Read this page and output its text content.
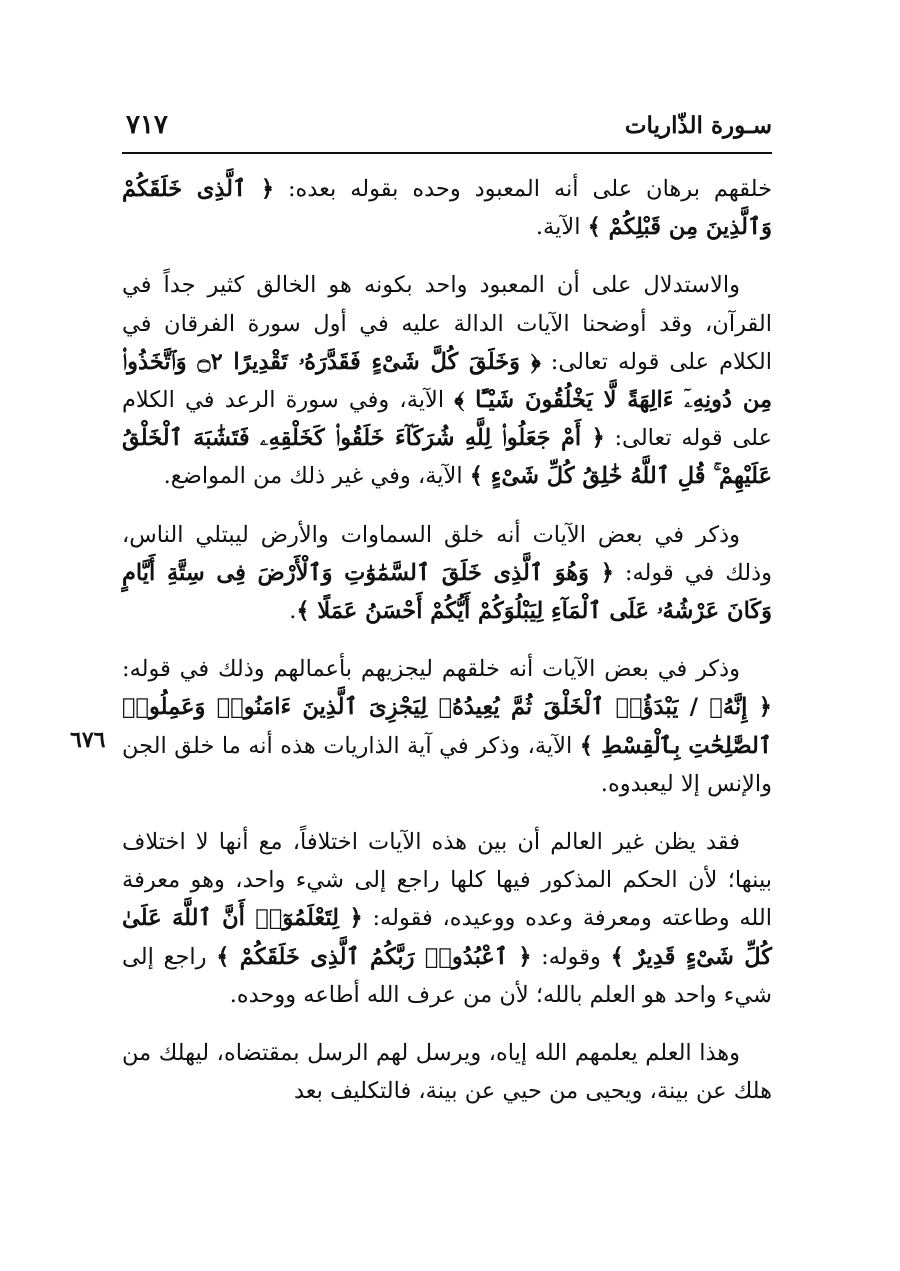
سـورة الذّاريات
٧١٧
٦٧٦

خلقهم برهان على أنه المعبود وحده بقوله بعده: ﴿ ٱلَّذِى خَلَقَكُمْ وَٱلَّذِينَ مِن قَبْلِكُمْ ﴾ الآية.

والاستدلال على أن المعبود واحد بكونه هو الخالق كثير جداً في القرآن، وقد أوضحنا الآيات الدالة عليه في أول سورة الفرقان في الكلام على قوله تعالى: ﴿ وَخَلَقَ كُلَّ شَىْءٍ فَقَدَّرَهُۥ تَقْدِيرًا ۝٢ وَٱتَّخَذُوا۟ مِن دُونِهِۦٓ ءَالِهَةً لَّا يَخْلُقُونَ شَيْـًٔا ﴾ الآية، وفي سورة الرعد في الكلام على قوله تعالى: ﴿ أَمْ جَعَلُوا۟ لِلَّهِ شُرَكَآءَ خَلَقُوا۟ كَخَلْقِهِۦ فَتَشَٰبَهَ ٱلْخَلْقُ عَلَيْهِمْ ۚ قُلِ ٱللَّهُ خَٰلِقُ كُلِّ شَىْءٍ ﴾ الآية، وفي غير ذلك من المواضع.

وذكر في بعض الآيات أنه خلق السماوات والأرض ليبتلي الناس، وذلك في قوله: ﴿ وَهُوَ ٱلَّذِى خَلَقَ ٱلسَّمَٰوَٰتِ وَٱلْأَرْضَ فِى سِتَّةِ أَيَّامٍ وَكَانَ عَرْشُهُۥ عَلَى ٱلْمَآءِ لِيَبْلُوَكُمْ أَيُّكُمْ أَحْسَنُ عَمَلًا ﴾.

وذكر في بعض الآيات أنه خلقهم ليجزيهم بأعمالهم وذلك في قوله: ﴿ إِنَّهُۥ / يَبْدَؤُا۟ ٱلْخَلْقَ ثُمَّ يُعِيدُهُۥ لِيَجْزِىَ ٱلَّذِينَ ءَامَنُوا۟ وَعَمِلُوا۟ ٱلصَّٰلِحَٰتِ بِٱلْقِسْطِ ﴾ الآية، وذكر في آية الذاريات هذه أنه ما خلق الجن والإنس إلا ليعبدوه.

فقد يظن غير العالم أن بين هذه الآيات اختلافاً، مع أنها لا اختلاف بينها؛ لأن الحكم المذكور فيها كلها راجع إلى شيء واحد، وهو معرفة الله وطاعته ومعرفة وعده ووعيده، فقوله: ﴿ لِتَعْلَمُوٓا۟ أَنَّ ٱللَّهَ عَلَىٰ كُلِّ شَىْءٍ قَدِيرٌ ﴾ وقوله: ﴿ ٱعْبُدُوا۟ رَبَّكُمُ ٱلَّذِى خَلَقَكُمْ ﴾ راجع إلى شيء واحد هو العلم بالله؛ لأن من عرف الله أطاعه ووحده.

وهذا العلم يعلمهم الله إياه، ويرسل لهم الرسل بمقتضاه، ليهلك من هلك عن بينة، ويحيى من حيي عن بينة، فالتكليف بعد
